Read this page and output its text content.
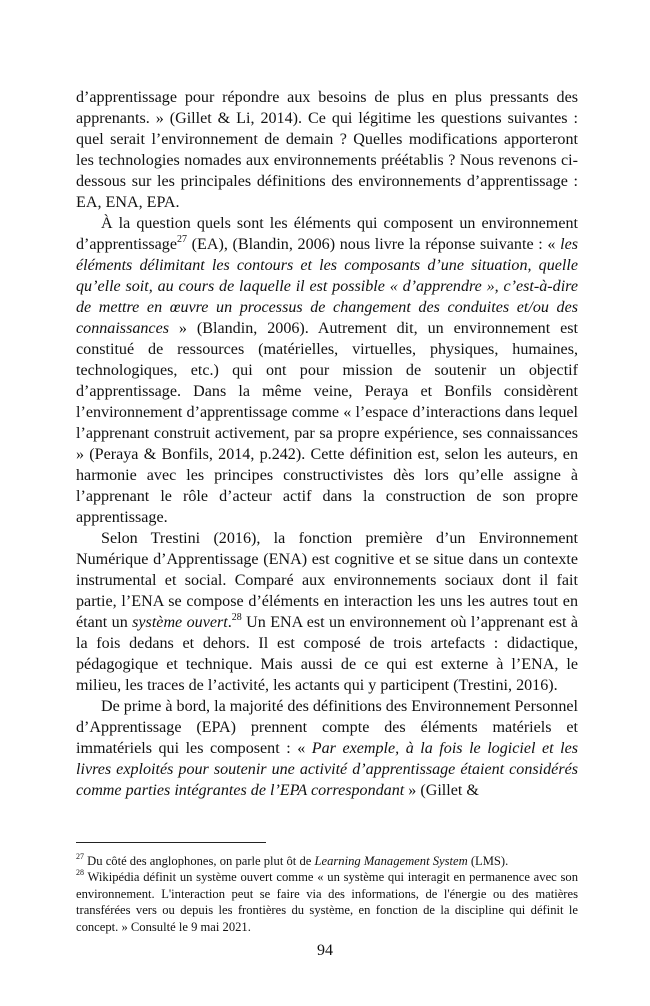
d’apprentissage pour répondre aux besoins de plus en plus pressants des apprenants. » (Gillet & Li, 2014). Ce qui légitime les questions suivantes : quel serait l’environnement de demain ? Quelles modifications apporteront les technologies nomades aux environnements préétablis ? Nous revenons ci-dessous sur les principales définitions des environnements d’apprentissage : EA, ENA, EPA.

À la question quels sont les éléments qui composent un environnement d’apprentissage$^{27}$ (EA), (Blandin, 2006) nous livre la réponse suivante : « les éléments délimitant les contours et les composants d’une situation, quelle qu’elle soit, au cours de laquelle il est possible « d’apprendre », c’est-à-dire de mettre en œuvre un processus de changement des conduites et/ou des connaissances » (Blandin, 2006). Autrement dit, un environnement est constitué de ressources (matérielles, virtuelles, physiques, humaines, technologiques, etc.) qui ont pour mission de soutenir un objectif d’apprentissage. Dans la même veine, Peraya et Bonfils considèrent l’environnement d’apprentissage comme « l’espace d’interactions dans lequel l’apprenant construit activement, par sa propre expérience, ses connaissances » (Peraya & Bonfils, 2014, p.242). Cette définition est, selon les auteurs, en harmonie avec les principes constructivistes dès lors qu’elle assigne à l’apprenant le rôle d’acteur actif dans la construction de son propre apprentissage.

Selon Trestini (2016), la fonction première d’un Environnement Numérique d’Apprentissage (ENA) est cognitive et se situe dans un contexte instrumental et social. Comparé aux environnements sociaux dont il fait partie, l’ENA se compose d’éléments en interaction les uns les autres tout en étant un système ouvert.$^{28}$ Un ENA est un environnement où l’apprenant est à la fois dedans et dehors. Il est composé de trois artefacts : didactique, pédagogique et technique. Mais aussi de ce qui est externe à l’ENA, le milieu, les traces de l’activité, les actants qui y participent (Trestini, 2016).

De prime à bord, la majorité des définitions des Environnement Personnel d’Apprentissage (EPA) prennent compte des éléments matériels et immatériels qui les composent : « Par exemple, à la fois le logiciel et les livres exploités pour soutenir une activité d’apprentissage étaient considérés comme parties intégrantes de l’EPA correspondant » (Gillet &

$^{27}$ Du côté des anglophones, on parle plut ôt de Learning Management System (LMS).

$^{28}$ Wikipédia définit un système ouvert comme « un système qui interagit en permanence avec son environnement. L'interaction peut se faire via des informations, de l'énergie ou des matières transférées vers ou depuis les frontières du système, en fonction de la discipline qui définit le concept. » Consulté le 9 mai 2021.

94
